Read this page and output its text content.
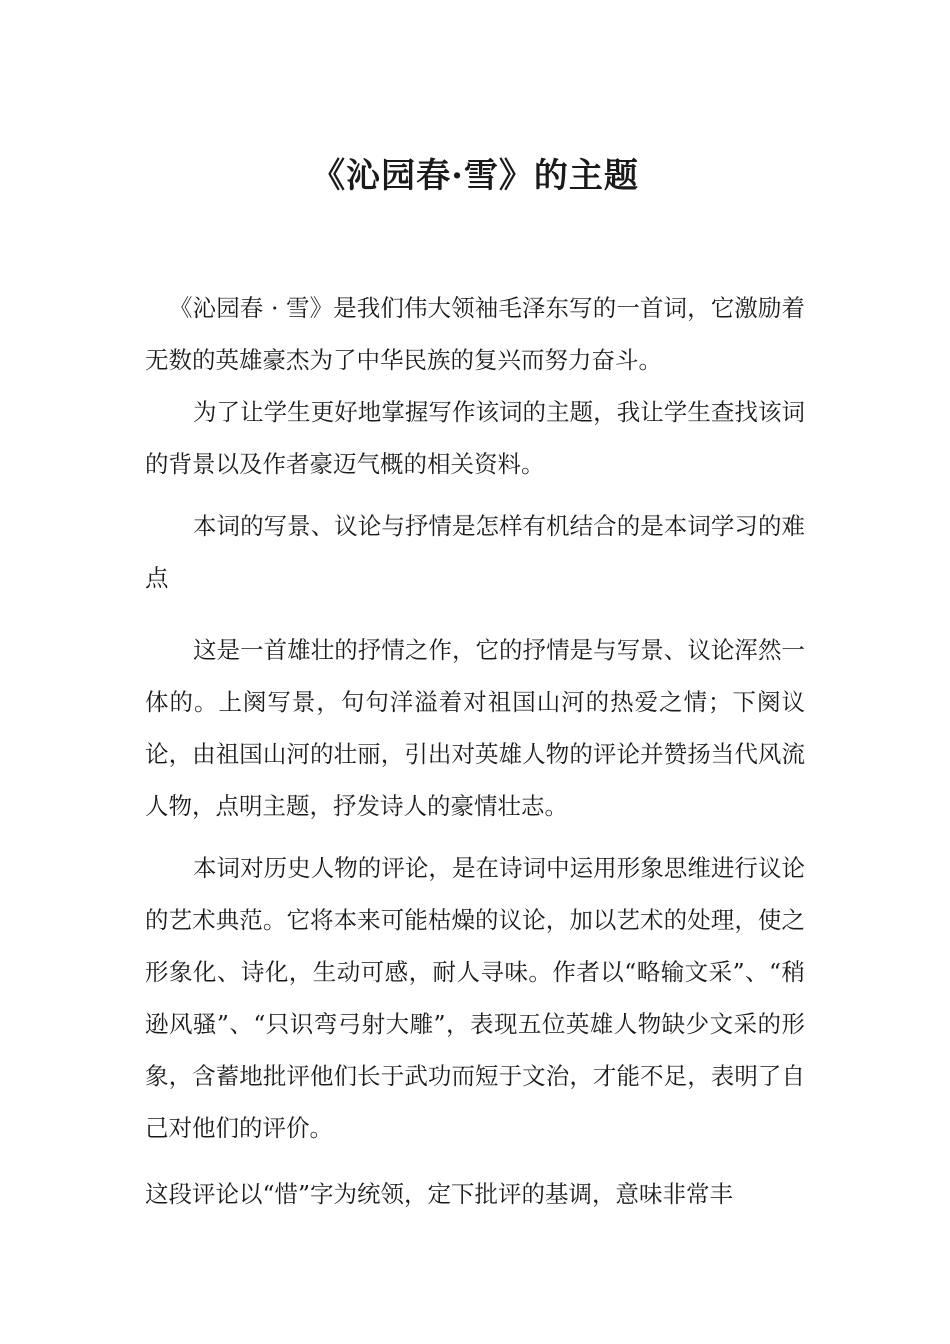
《沁园春·雪》的主题

《沁园春 · 雪》是我们伟大领袖毛泽东写的一首词，它激励着无数的英雄豪杰为了中华民族的复兴而努力奋斗。

为了让学生更好地掌握写作该词的主题，我让学生查找该词的背景以及作者豪迈气概的相关资料。

本词的写景、议论与抒情是怎样有机结合的是本词学习的难点

这是一首雄壮的抒情之作，它的抒情是与写景、议论浑然一体的。上阕写景，句句洋溢着对祖国山河的热爱之情；下阕议论，由祖国山河的壮丽，引出对英雄人物的评论并赞扬当代风流人物，点明主题，抒发诗人的豪情壮志。

本词对历史人物的评论，是在诗词中运用形象思维进行议论的艺术典范。它将本来可能枯燥的议论，加以艺术的处理，使之形象化、诗化，生动可感，耐人寻味。作者以“略输文采”、“稍逊风骚”、“只识弯弓射大雕”，表现五位英雄人物缺少文采的形象，含蓄地批评他们长于武功而短于文治，才能不足，表明了自己对他们的评价。

这段评论以“惜”字为统领，定下批评的基调，意味非常丰
